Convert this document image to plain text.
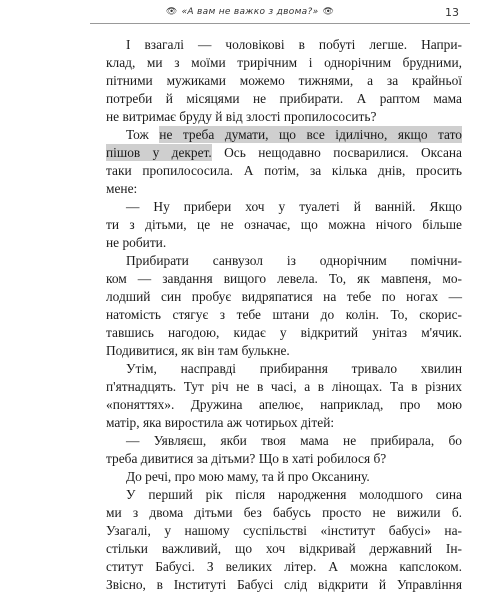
👁 «А вам не важко з двома?» 👁	13
І взагалі — чоловікові в побуті легше. Напри-
клад, ми з моїми трирічним і однорічним брудними,
пітними мужиками можемо тижнями, а за крайньої
потреби й місяцями не прибирати. А раптом мама
не витримає бруду й від злості пропилососить?
Тож не треба думати, що все ідилічно, якщо тато
пішов у декрет. Ось нещодавно посварилися. Оксана
таки пропилососила. А потім, за кілька днів, просить
мене:
— Ну прибери хоч у туалеті й ванній. Якщо
ти з дітьми, це не означає, що можна нічого більше
не робити.
Прибирати санвузол із однорічним помічни-
ком — завдання вищого левела. То, як мавпеня, мо-
лодший син пробує видряпатися на тебе по ногах —
натомість стягує з тебе штани до колін. То, скорис-
тавшись нагодою, кидає у відкритий унітаз м'ячик.
Подивитися, як він там булькне.
Утім, насправді прибирання тривало хвилин
п'ятнадцять. Тут річ не в часі, а в лінощах. Та в різних
«поняттях». Дружина апелює, наприклад, про мою
матір, яка виростила аж чотирьох дітей:
— Уявляєш, якби твоя мама не прибирала, бо
треба дивитися за дітьми? Що в хаті робилося б?
До речі, про мою маму, та й про Оксанину.
У перший рік після народження молодшого сина
ми з двома дітьми без бабусь просто не вижили б.
Узагалі, у нашому суспільстві «інститут бабусі» на-
стільки важливий, що хоч відкривай державний Ін-
ститут Бабусі. З великих літер. А можна капслоком.
Звісно, в Інституті Бабусі слід відкрити й Управління
